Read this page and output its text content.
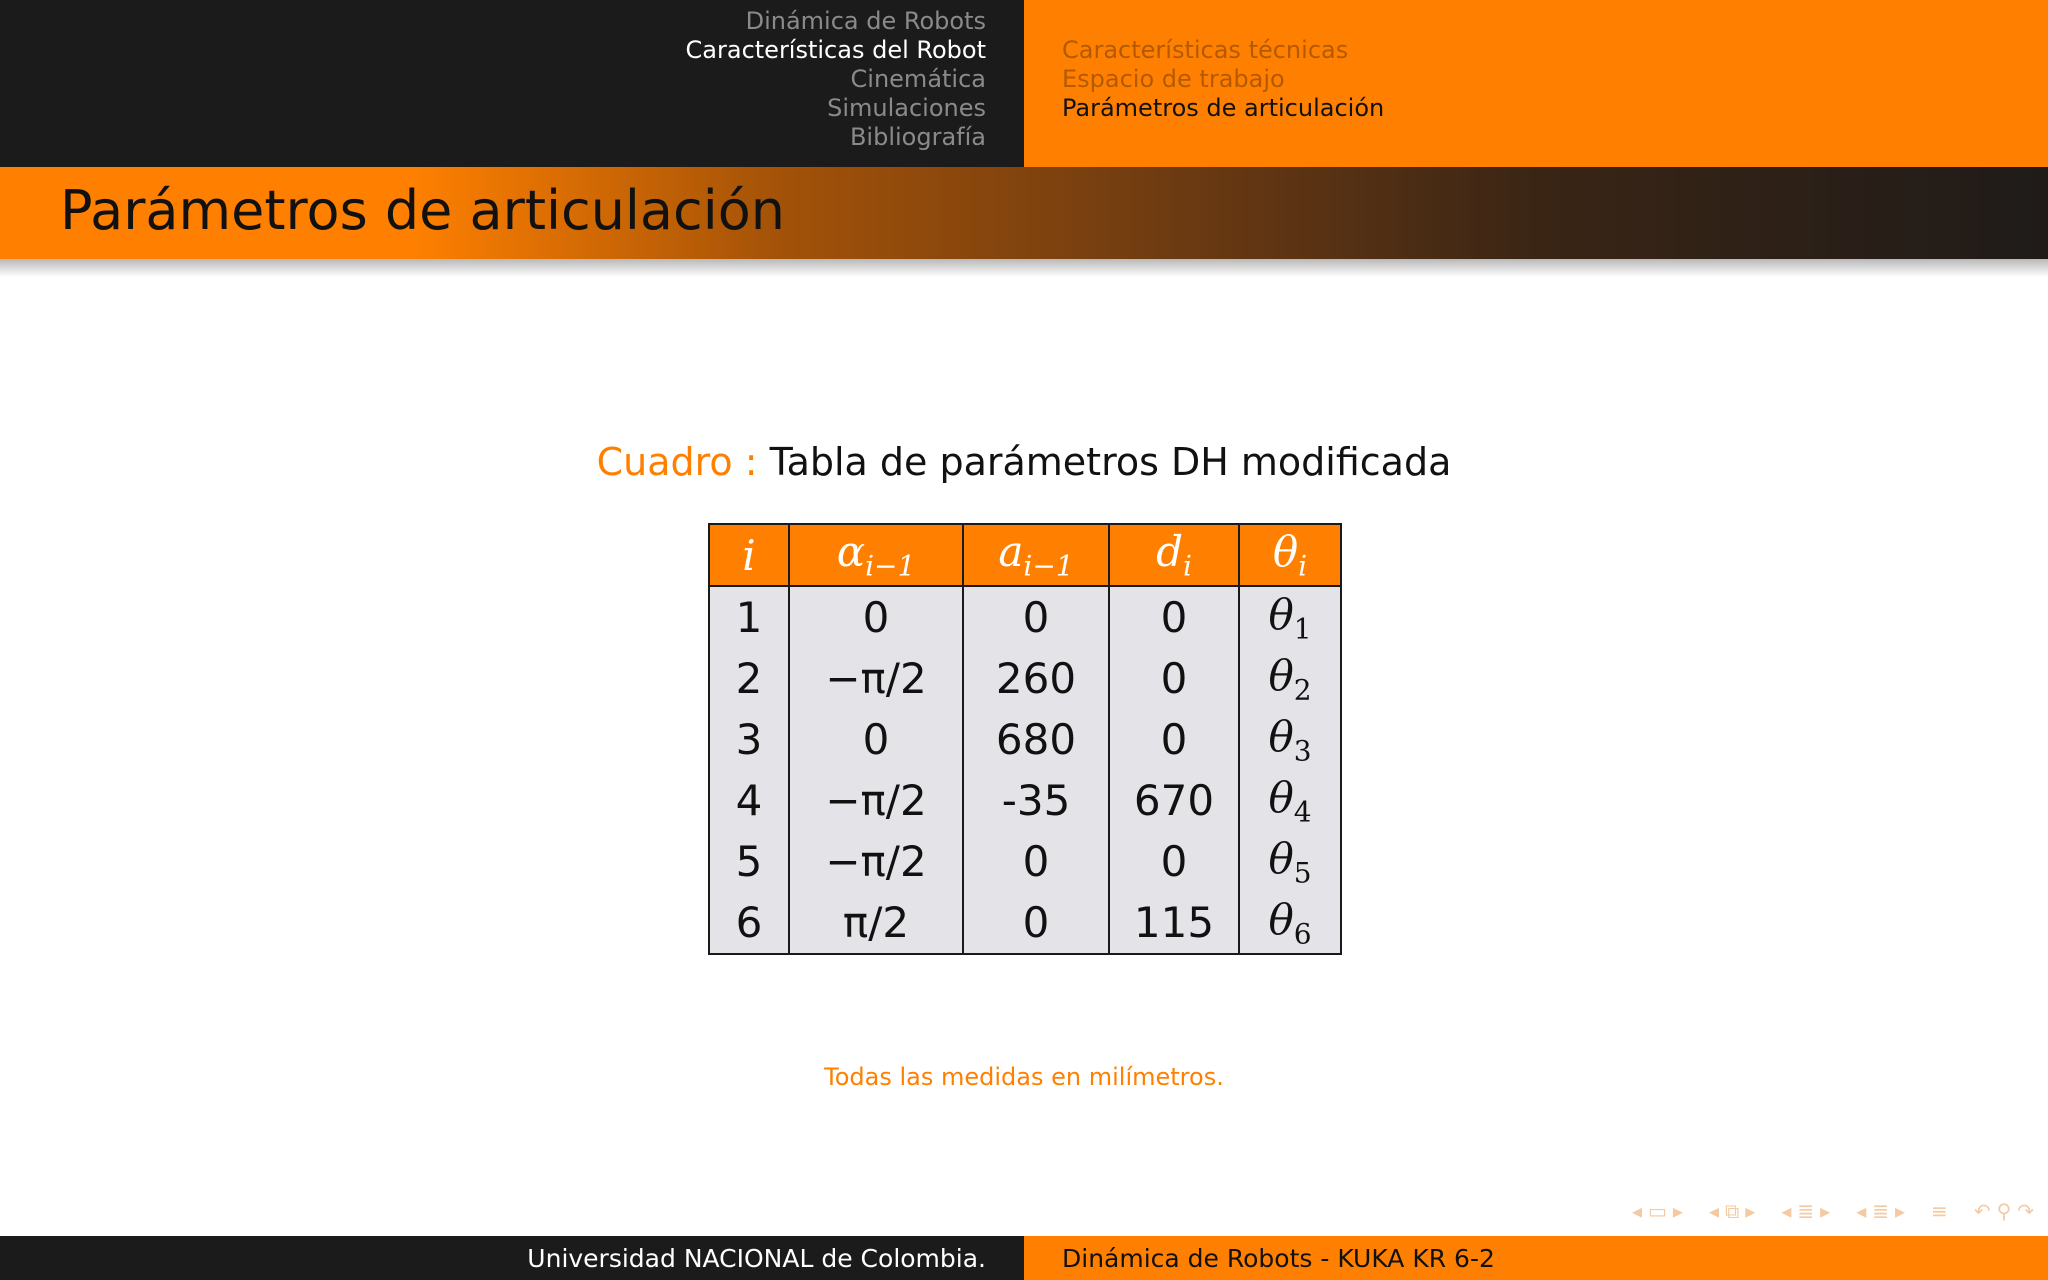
Dinámica de Robots
Características del Robot
Cinemática
Simulaciones
Bibliografía
Características técnicas
Espacio de trabajo
Parámetros de articulación
Parámetros de articulación
Cuadro : Tabla de parámetros DH modificada
i	$\alpha_{i-1}$	$a_{i-1}$	$d_i$	$\theta_i$
1	0	0	0	$\theta_1$
2	−π/2	260	0	$\theta_2$
3	0	680	0	$\theta_3$
4	−π/2	-35	670	$\theta_4$
5	−π/2	0	0	$\theta_5$
6	π/2	0	115	$\theta_6$
Todas las medidas en milímetros.
◂ ▭ ▸ ◂ ⧉ ▸ ◂ ≣ ▸ ◂ ≣ ▸ ≡ ↶ ⚲ ↷
Universidad NACIONAL de Colombia.	Dinámica de Robots - KUKA KR 6-2
